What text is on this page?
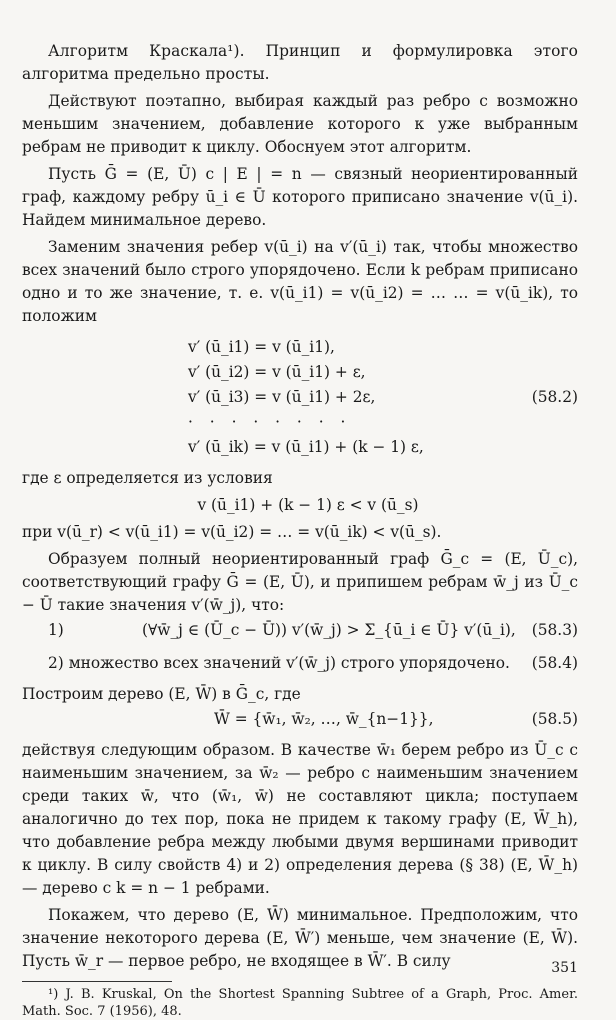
Алгоритм Краскала¹). Принцип и формулировка этого алгоритма предельно просты.

Действуют поэтапно, выбирая каждый раз ребро с возможно меньшим значением, добавление которого к уже выбранным ребрам не приводит к циклу. Обоснуем этот алгоритм.

Пусть Ḡ = (E, Ū) с | E | = n — связный неориентированный граф, каждому ребру ū_i ∈ Ū которого приписано значение v(ū_i). Найдем минимальное дерево.

Заменим значения ребер v(ū_i) на v′(ū_i) так, чтобы множество всех значений было строго упорядочено. Если k ребрам приписано одно и то же значение, т. е. v(ū_i1) = v(ū_i2) = … … = v(ū_ik), то положим

v′ (ū_i1) = v (ū_i1),
v′ (ū_i2) = v (ū_i1) + ε,
v′ (ū_i3) = v (ū_i1) + 2ε,	(58.2)
· · · · · · · ·
v′ (ū_ik) = v (ū_i1) + (k − 1) ε,

где ε определяется из условия

v (ū_i1) + (k − 1) ε < v (ū_s)

при v(ū_r) < v(ū_i1) = v(ū_i2) = … = v(ū_ik) < v(ū_s).

Образуем полный неориентированный граф Ḡ_c = (E, Ū_c), соответствующий графу Ḡ = (E, Ū), и припишем ребрам w̄_j из Ū_c − Ū такие значения v′(w̄_j), что:

1)	(∀w̄_j ∈ (Ū_c − Ū)) v′(w̄_j) > Σ_{ū_i ∈ Ū} v′(ū_i), (58.3)
2) множество всех значений v′(w̄_j) строго упорядочено. (58.4)

Построим дерево (E, W̄) в Ḡ_c, где

W̄ = {w̄₁, w̄₂, …, w̄_{n−1}},	(58.5)

действуя следующим образом. В качестве w̄₁ берем ребро из Ū_c с наименьшим значением, за w̄₂ — ребро с наименьшим значением среди таких w̄, что (w̄₁, w̄) не составляют цикла; поступаем аналогично до тех пор, пока не придем к такому графу (E, W̄_h), что добавление ребра между любыми двумя вершинами приводит к циклу. В силу свойств 4) и 2) определения дерева (§ 38) (E, W̄_h) — дерево с k = n − 1 ребрами.

Покажем, что дерево (E, W̄) минимальное. Предположим, что значение некоторого дерева (E, W̄′) меньше, чем значение (E, W̄). Пусть w̄_r — первое ребро, не входящее в W̄′. В силу

¹) J. B. Kruskal, On the Shortest Spanning Subtree of a Graph, Proc. Amer. Math. Soc. 7 (1956), 48.

351
